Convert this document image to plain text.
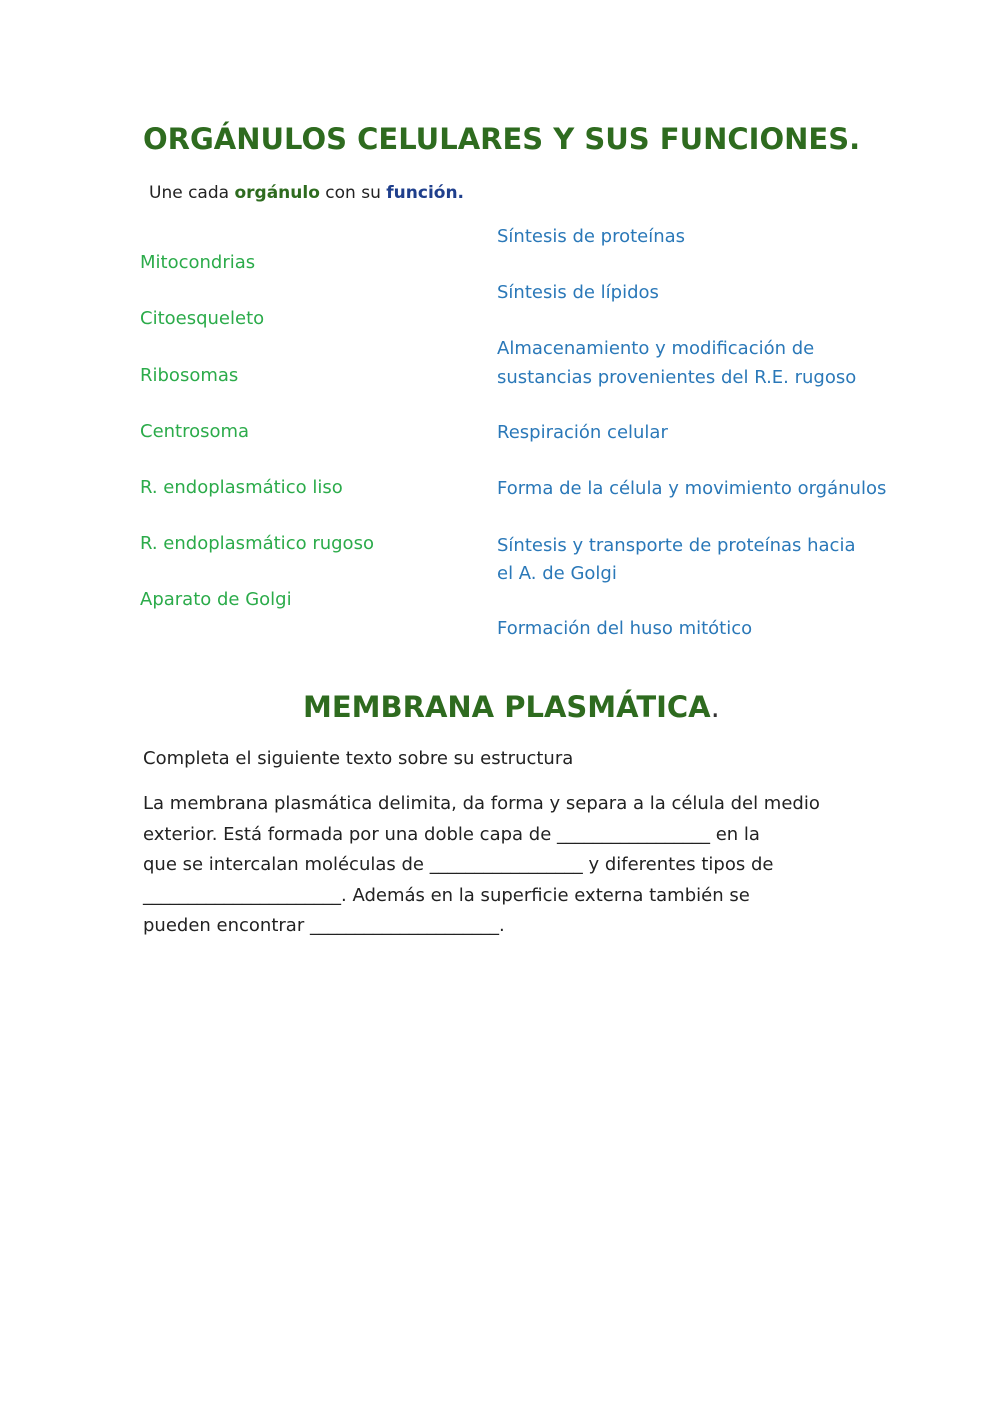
ORGÁNULOS CELULARES Y SUS FUNCIONES.
Une cada orgánulo con su función.
Mitocondrias
Citoesqueleto
Ribosomas
Centrosoma
R. endoplasmático liso
R. endoplasmático rugoso
Aparato de Golgi
Síntesis de proteínas
Síntesis de lípidos
Almacenamiento y modificación de
sustancias provenientes del R.E. rugoso
Respiración celular
Forma de la célula y movimiento orgánulos
Síntesis y transporte de proteínas hacia
el A. de Golgi
Formación del huso mitótico
MEMBRANA PLASMÁTICA.
Completa el siguiente texto sobre su estructura
La membrana plasmática delimita, da forma y separa a la célula del medio
exterior. Está formada por una doble capa de _________________ en la
que se intercalan moléculas de _________________ y diferentes tipos de
______________________. Además en la superficie externa también se
pueden encontrar _____________________.
